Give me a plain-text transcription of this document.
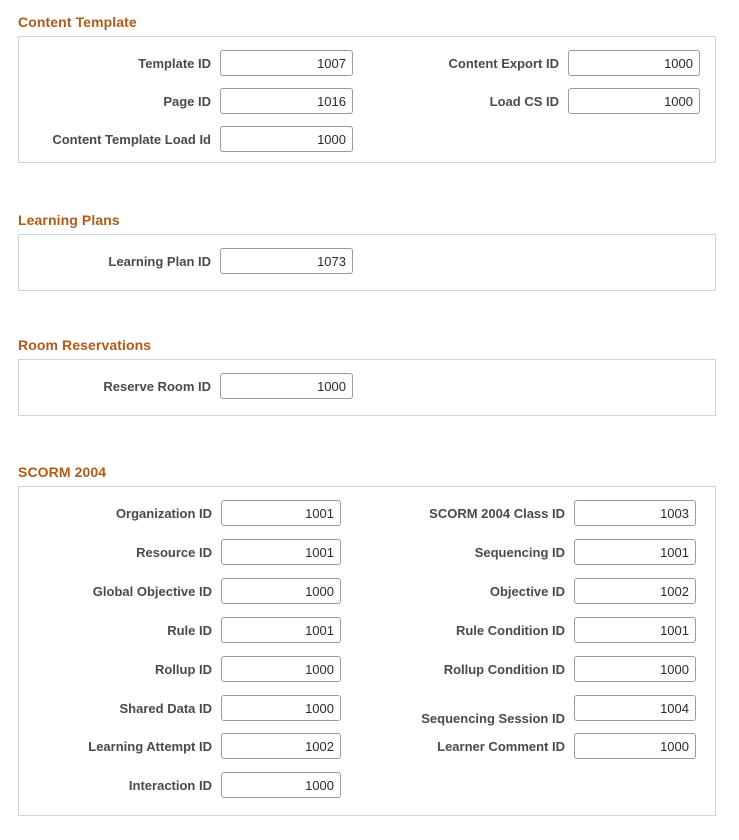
Content Template
Template ID
1007
Page ID
1016
Content Template Load Id
1000
Content Export ID
1000
Load CS ID
1000
Learning Plans
Learning Plan ID
1073
Room Reservations
Reserve Room ID
1000
SCORM 2004
Organization ID
1001
Resource ID
1001
Global Objective ID
1000
Rule ID
1001
Rollup ID
1000
Shared Data ID
1000
Learning Attempt ID
1002
Interaction ID
1000
SCORM 2004 Class ID
1003
Sequencing ID
1001
Objective ID
1002
Rule Condition ID
1001
Rollup Condition ID
1000
Sequencing Session ID
1004
Learner Comment ID
1000
